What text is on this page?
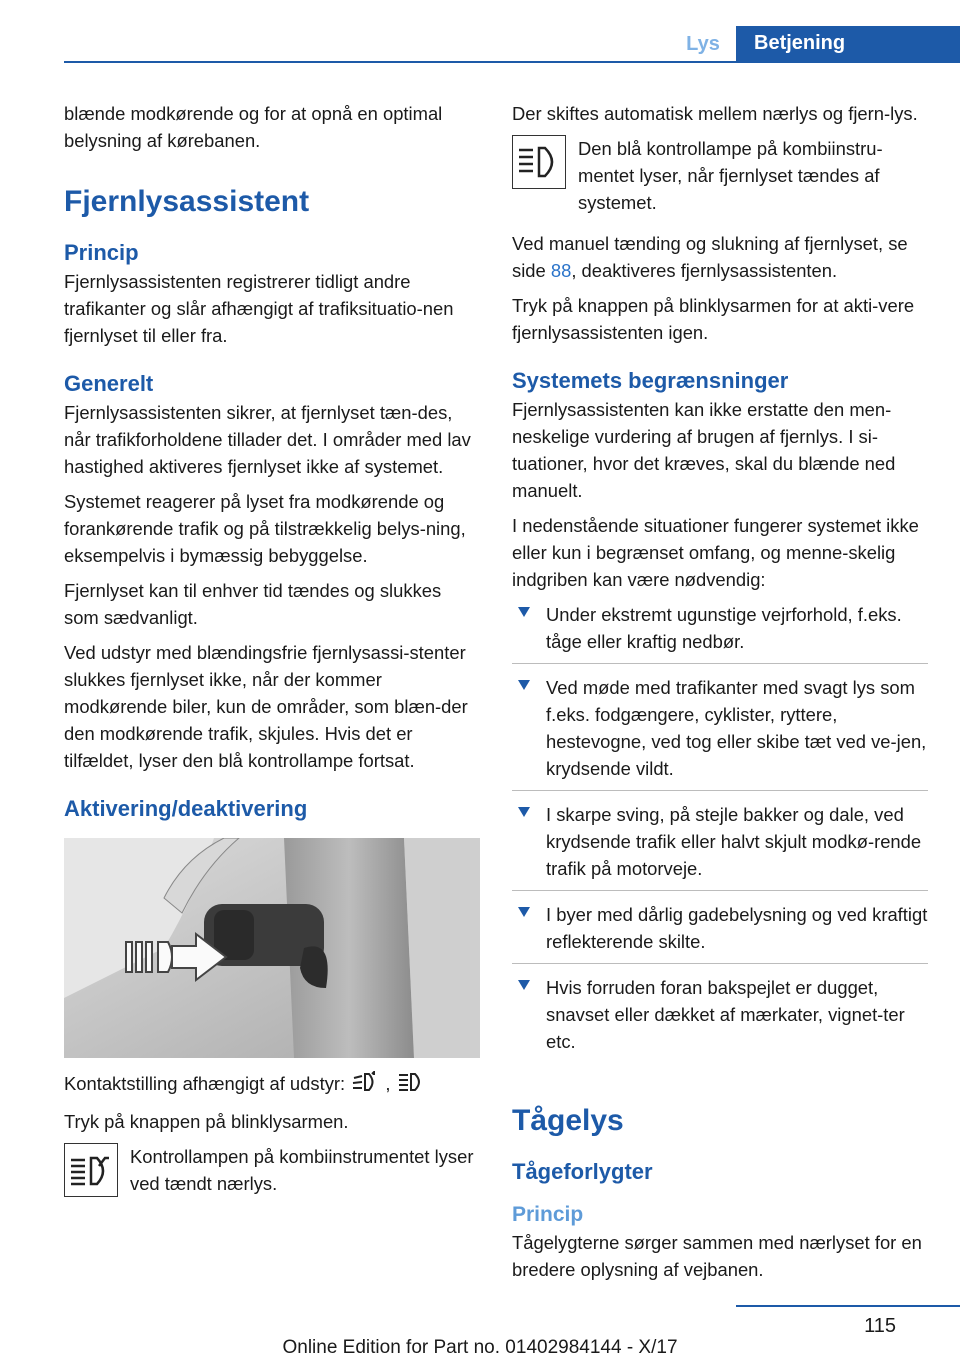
Lys	Betjening

blænde modkørende og for at opnå en optimal belysning af kørebanen.

Fjernlysassistent
Princip

Fjernlysassistenten registrerer tidligt andre trafikanter og slår afhængigt af trafiksituatio-nen fjernlyset til eller fra.

Generelt

Fjernlysassistenten sikrer, at fjernlyset tæn-des, når trafikforholdene tillader det. I områder med lav hastighed aktiveres fjernlyset ikke af systemet.

Systemet reagerer på lyset fra modkørende og forankørende trafik og på tilstrækkelig belys-ning, eksempelvis i bymæssig bebyggelse.

Fjernlyset kan til enhver tid tændes og slukkes som sædvanligt.

Ved udstyr med blændingsfrie fjernlysassi-stenter slukkes fjernlyset ikke, når der kommer modkørende biler, kun de områder, som blæn-der den modkørende trafik, skjules. Hvis det er tilfældet, lyser den blå kontrollampe fortsat.

Aktivering/deaktivering

Kontaktstilling afhængigt af udstyr: ,

Tryk på knappen på blinklysarmen.

Kontrollampen på kombiinstrumentet lyser ved tændt nærlys.

Der skiftes automatisk mellem nærlys og fjern-lys.

Den blå kontrollampe på kombiinstru-mentet lyser, når fjernlyset tændes af systemet.

Ved manuel tænding og slukning af fjernlyset, se side 88, deaktiveres fjernlysassistenten.

Tryk på knappen på blinklysarmen for at akti-vere fjernlysassistenten igen.

Systemets begrænsninger

Fjernlysassistenten kan ikke erstatte den men-neskelige vurdering af brugen af fjernlys. I si-tuationer, hvor det kræves, skal du blænde ned manuelt.

I nedenstående situationer fungerer systemet ikke eller kun i begrænset omfang, og menne-skelig indgriben kan være nødvendig:

Under ekstremt ugunstige vejrforhold, f.eks. tåge eller kraftig nedbør.
Ved møde med trafikanter med svagt lys som f.eks. fodgængere, cyklister, ryttere, hestevogne, ved tog eller skibe tæt ved ve-jen, krydsende vildt.
I skarpe sving, på stejle bakker og dale, ved krydsende trafik eller halvt skjult modkø-rende trafik på motorveje.
I byer med dårlig gadebelysning og ved kraftigt reflekterende skilte.
Hvis forruden foran bakspejlet er dugget, snavset eller dækket af mærkater, vignet-ter etc.
Tågelys
Tågeforlygter
Princip

Tågelygterne sørger sammen med nærlyset for en bredere oplysning af vejbanen.

115
Online Edition for Part no. 01402984144 - X/17
